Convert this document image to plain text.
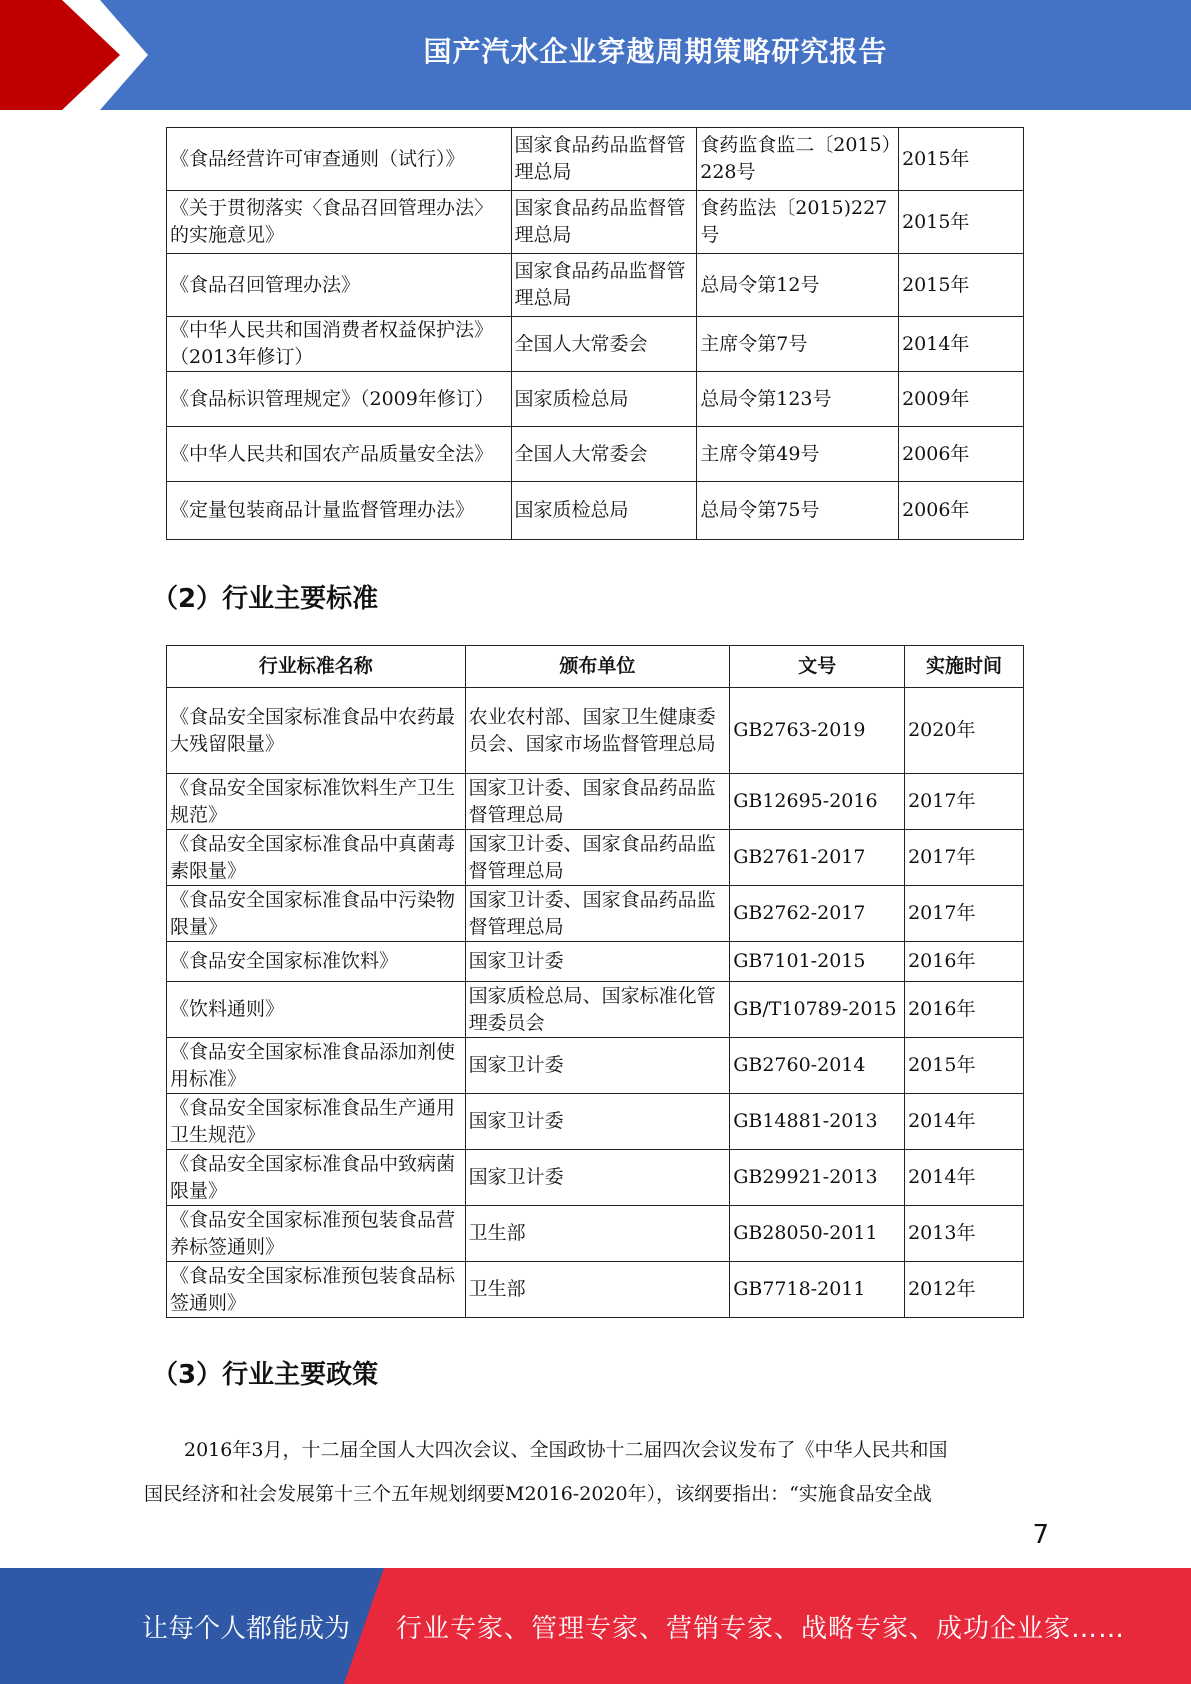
国产汽水企业穿越周期策略研究报告
《食品经营许可审查通则（试行）》	国家食品药品监督管理总局	食药监食监二〔2015）228号	2015年
《关于贯彻落实〈食品召回管理办法〉的实施意见》	国家食品药品监督管理总局	食药监法〔2015)227号	2015年
《食品召回管理办法》	国家食品药品监督管理总局	总局令第12号	2015年
《中华人民共和国消费者权益保护法》（2013年修订）	全国人大常委会	主席令第7号	2014年
《食品标识管理规定》（2009年修订）	国家质检总局	总局令第123号	2009年
《中华人民共和国农产品质量安全法》	全国人大常委会	主席令第49号	2006年
《定量包装商品计量监督管理办法》	国家质检总局	总局令第75号	2006年
（2）行业主要标准
行业标准名称	颁布单位	文号	实施时间
《食品安全国家标准食品中农药最大残留限量》	农业农村部、国家卫生健康委员会、国家市场监督管理总局	GB2763-2019	2020年
《食品安全国家标准饮料生产卫生规范》	国家卫计委、国家食品药品监督管理总局	GB12695-2016	2017年
《食品安全国家标准食品中真菌毒素限量》	国家卫计委、国家食品药品监督管理总局	GB2761-2017	2017年
《食品安全国家标准食品中污染物限量》	国家卫计委、国家食品药品监督管理总局	GB2762-2017	2017年
《食品安全国家标准饮料》	国家卫计委	GB7101-2015	2016年
《饮料通则》	国家质检总局、国家标准化管理委员会	GB/T10789-2015	2016年
《食品安全国家标准食品添加剂使用标准》	国家卫计委	GB2760-2014	2015年
《食品安全国家标准食品生产通用卫生规范》	国家卫计委	GB14881-2013	2014年
《食品安全国家标准食品中致病菌限量》	国家卫计委	GB29921-2013	2014年
《食品安全国家标准预包装食品营养标签通则》	卫生部	GB28050-2011	2013年
《食品安全国家标准预包装食品标签通则》	卫生部	GB7718-2011	2012年
（3）行业主要政策

2016年3月，十二届全国人大四次会议、全国政协十二届四次会议发布了《中华人民共和国

国民经济和社会发展第十三个五年规划纲要M2016-2020年），该纲要指出：“实施食品安全战

7
让每个人都能成为 行业专家、管理专家、营销专家、战略专家、成功企业家……
